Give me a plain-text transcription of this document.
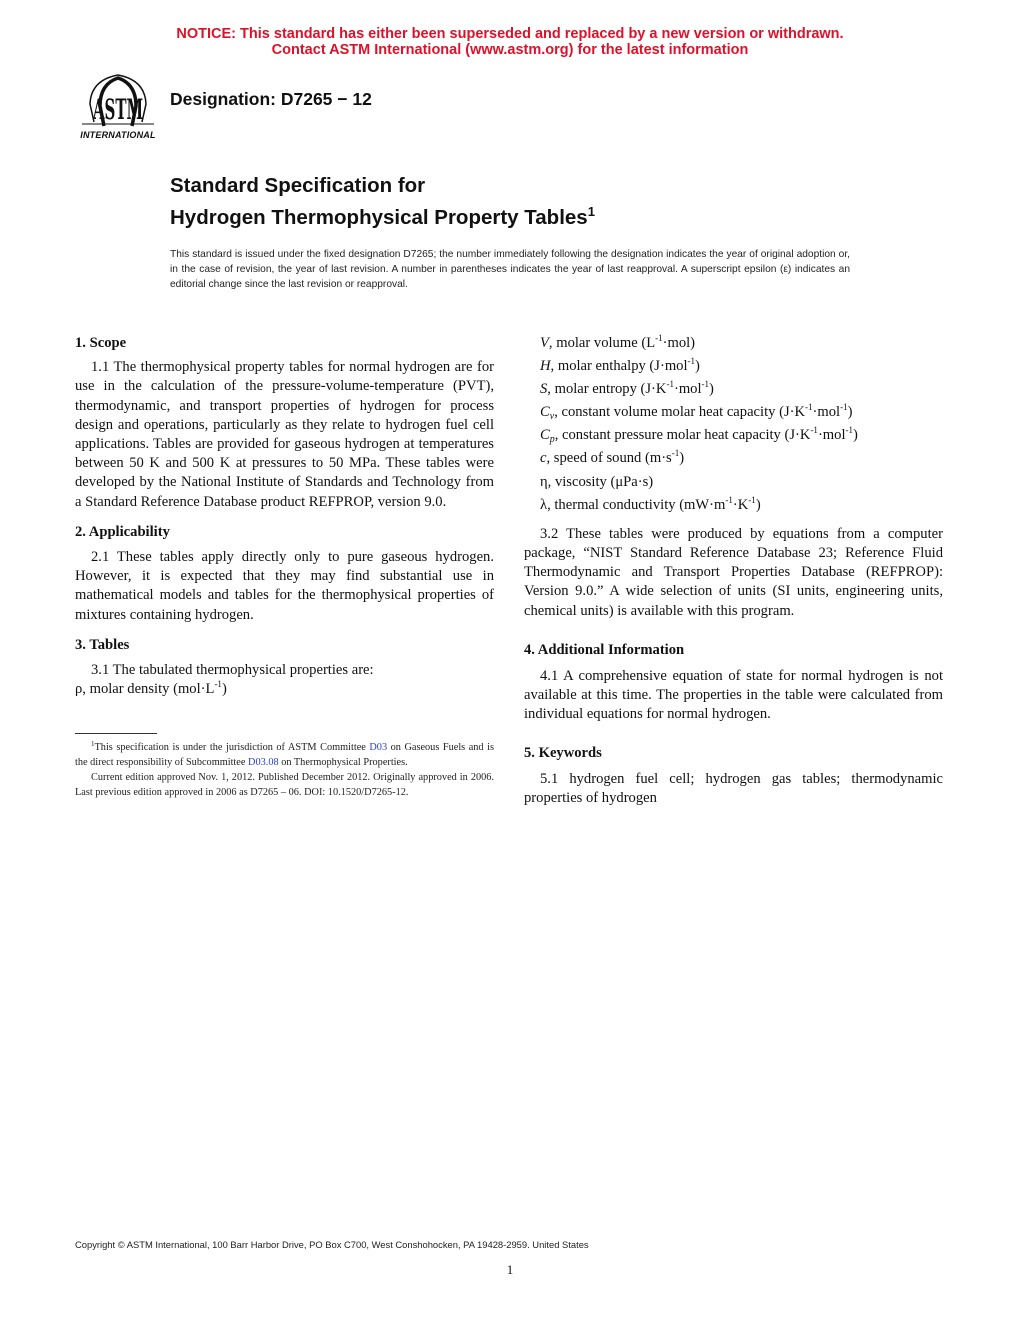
NOTICE: This standard has either been superseded and replaced by a new version or withdrawn.
Contact ASTM International (www.astm.org) for the latest information
ASTM
INTERNATIONAL
Designation: D7265 − 12
Standard Specification for
Hydrogen Thermophysical Property Tables$^1$
This standard is issued under the fixed designation D7265; the number immediately following the designation indicates the year of original adoption or, in the case of revision, the year of last revision. A number in parentheses indicates the year of last reapproval. A superscript epsilon (ε) indicates an editorial change since the last revision or reapproval.

1. Scope

1.1 The thermophysical property tables for normal hydrogen are for use in the calculation of the pressure-volume-temperature (PVT), thermodynamic, and transport properties of hydrogen for process design and operations, particularly as they relate to hydrogen fuel cell applications. Tables are provided for gaseous hydrogen at temperatures between 50 K and 500 K at pressures to 50 MPa. These tables were developed by the National Institute of Standards and Technology from a Standard Reference Database product REFPROP, version 9.0.

2. Applicability

2.1 These tables apply directly only to pure gaseous hydrogen. However, it is expected that they may find substantial use in mathematical models and tables for the thermophysical properties of mixtures containing hydrogen.

3. Tables

3.1 The tabulated thermophysical properties are:

ρ, molar density $(mol\cdot L^{-1})$

$^1$This specification is under the jurisdiction of ASTM Committee D03 on Gaseous Fuels and is the direct responsibility of Subcommittee D03.08 on Thermophysical Properties.

Current edition approved Nov. 1, 2012. Published December 2012. Originally approved in 2006. Last previous edition approved in 2006 as D7265 – 06. DOI: 10.1520/D7265-12.

V, molar volume $(L^{-1}\cdot mol)$
H, molar enthalpy (J·mol$^{-1}$)
S, molar entropy $(J\cdot K^{-1}\cdot mol^{-1})$
$C_v$, constant volume molar heat capacity $(J\cdot K^{-1}\cdot mol^{-1})$
$C_p$, constant pressure molar heat capacity $(J\cdot K^{-1}\cdot mol^{-1})$
c, speed of sound $(m\cdot s^{-1})$
η, viscosity (μPa·s)
λ, thermal conductivity $(mW\cdot m^{-1}\cdot K^{-1})$

3.2 These tables were produced by equations from a computer package, “NIST Standard Reference Database 23; Reference Fluid Thermodynamic and Transport Properties Database (REFPROP): Version 9.0.” A wide selection of units (SI units, engineering units, chemical units) is available with this program.

4. Additional Information

4.1 A comprehensive equation of state for normal hydrogen is not available at this time. The properties in the table were calculated from individual equations for normal hydrogen.

5. Keywords

5.1 hydrogen fuel cell; hydrogen gas tables; thermodynamic properties of hydrogen

Copyright © ASTM International, 100 Barr Harbor Drive, PO Box C700, West Conshohocken, PA 19428-2959. United States
1
